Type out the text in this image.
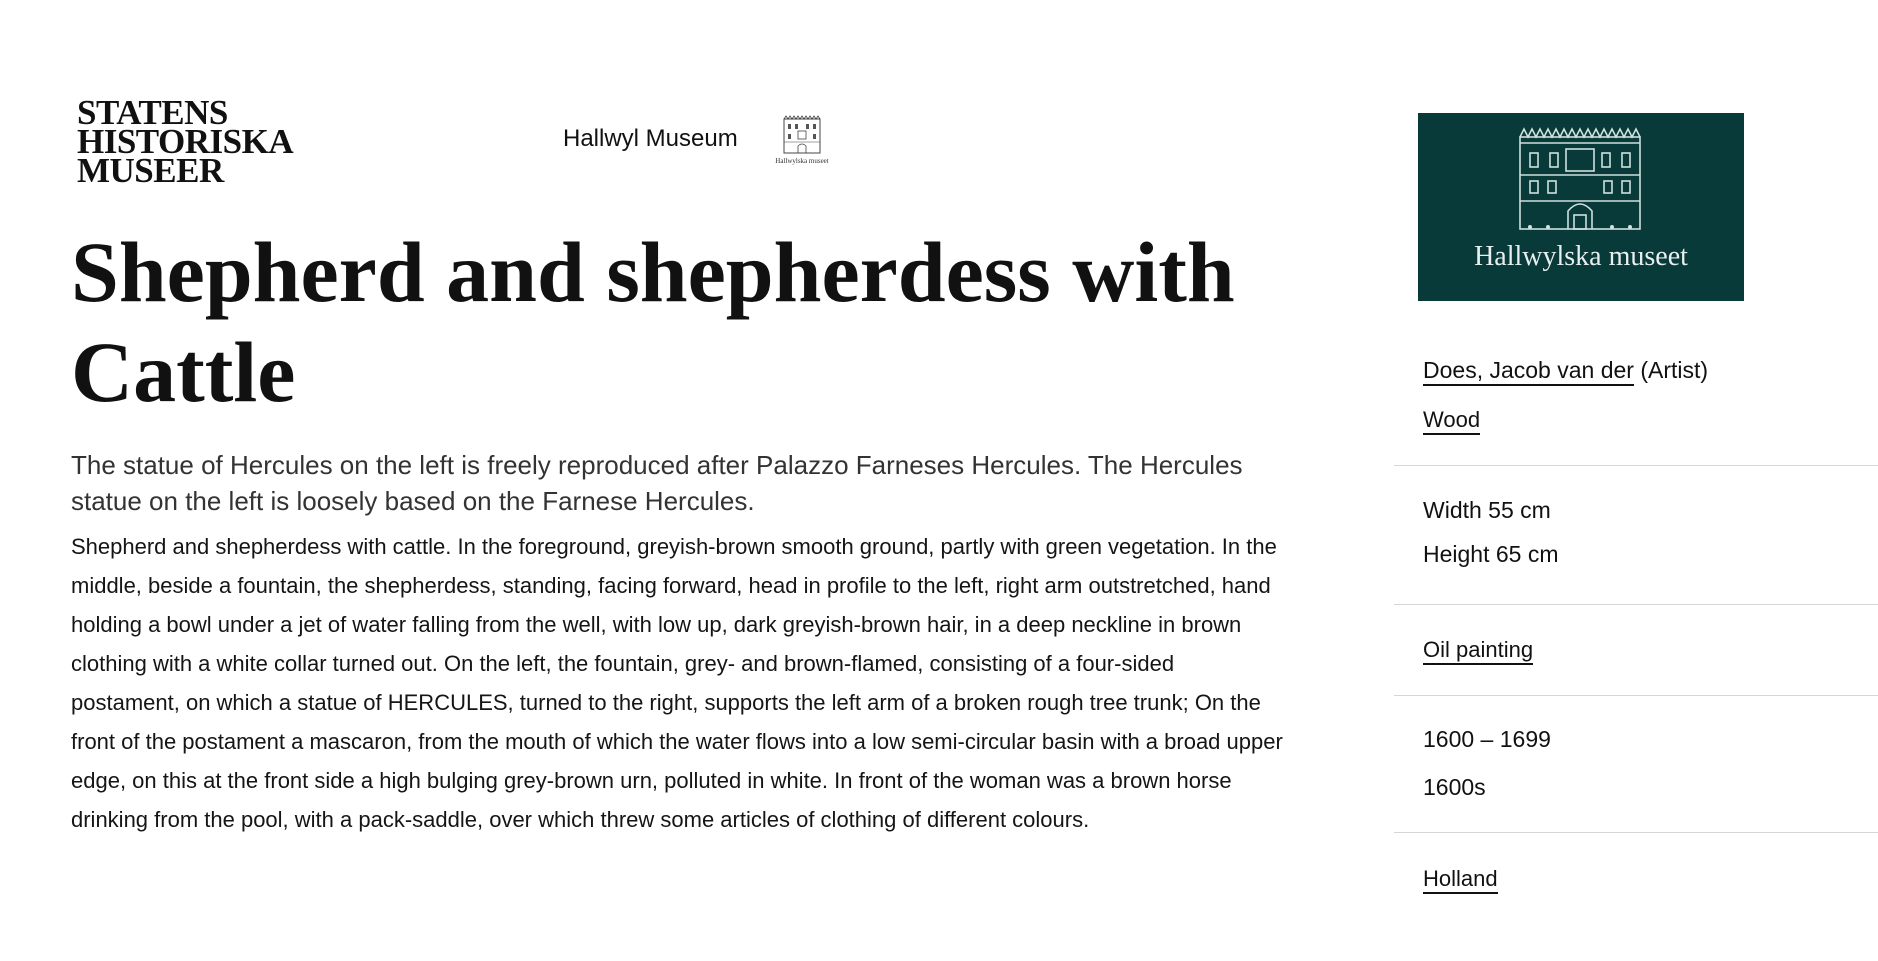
STATENS
HISTORISKA
MUSEER
Hallwyl Museum
Hallwylska museet
Shepherd and shepherdess with Cattle

The statue of Hercules on the left is freely reproduced after Palazzo Farneses Hercules. The Hercules statue on the left is loosely based on the Farnese Hercules.

Shepherd and shepherdess with cattle. In the foreground, greyish-brown smooth ground, partly with green vegetation. In the middle, beside a fountain, the shepherdess, standing, facing forward, head in profile to the left, right arm outstretched, hand holding a bowl under a jet of water falling from the well, with low up, dark greyish-brown hair, in a deep neckline in brown clothing with a white collar turned out. On the left, the fountain, grey- and brown-flamed, consisting of a four-sided postament, on which a statue of HERCULES, turned to the right, supports the left arm of a broken rough tree trunk; On the front of the postament a mascaron, from the mouth of which the water flows into a low semi-circular basin with a broad upper edge, on this at the front side a high bulging grey-brown urn, polluted in white. In front of the woman was a brown horse drinking from the pool, with a pack-saddle, over which threw some articles of clothing of different colours.

Hallwylska museet
Does, Jacob van der (Artist)
Wood
Width 55 cm
Height 65 cm
Oil painting
1600 – 1699
1600s
Holland
